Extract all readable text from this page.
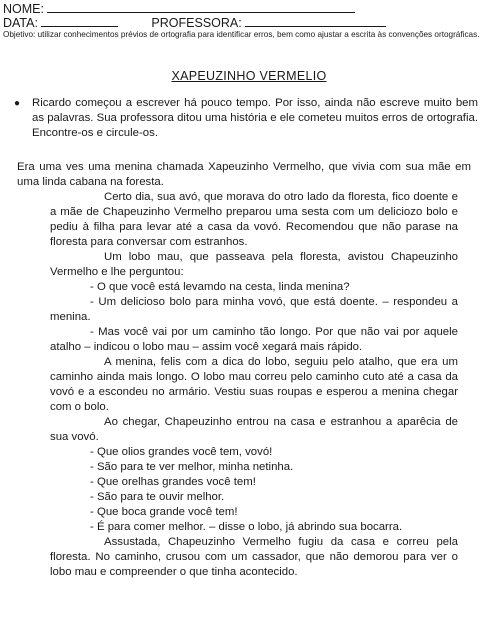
NOME:
DATA:	PROFESSORA:
Objetivo: utilizar conhecimentos prévios de ortografia para identificar erros, bem como ajustar a escrita às convenções ortográficas.
XAPEUZINHO VERMELIO
● Ricardo começou a escrever há pouco tempo. Por isso, ainda não escreve muito bem as palavras. Sua professora ditou uma história e ele cometeu muitos erros de ortografia. Encontre-os e circule-os.

Era uma ves uma menina chamada Xapeuzinho Vermelho, que vivia com sua mãe em uma linda cabana na foresta.

Certo dia, sua avó, que morava do otro lado da floresta, fico doente e a mãe de Chapeuzinho Vermelho preparou uma sesta com um deliciozo bolo e pediu à filha para levar até a casa da vovó. Recomendou que não parase na floresta para conversar com estranhos.

Um lobo mau, que passeava pela floresta, avistou Chapeuzinho Vermelho e lhe perguntou:

- O que você está levamdo na cesta, linda menina?

- Um delicioso bolo para minha vovó, que está doente. – respondeu a menina.

- Mas você vai por um caminho tão longo. Por que não vai por aquele atalho – indicou o lobo mau – assim você xegará mais rápido.

A menina, felis com a dica do lobo, seguiu pelo atalho, que era um caminho ainda mais longo. O lobo mau correu pelo caminho cuto até a casa da vovó e a escondeu no armário. Vestiu suas roupas e esperou a menina chegar com o bolo.

Ao chegar, Chapeuzinho entrou na casa e estranhou a aparêcia de sua vovó.

- Que olios grandes você tem, vovó!

- São para te ver melhor, minha netinha.

- Que orelhas grandes você tem!

- São para te ouvir melhor.

- Que boca grande você tem!

- É para comer melhor. – disse o lobo, já abrindo sua bocarra.

Assustada, Chapeuzinho Vermelho fugiu da casa e correu pela floresta. No caminho, crusou com um cassador, que não demorou para ver o lobo mau e compreender o que tinha acontecido.
